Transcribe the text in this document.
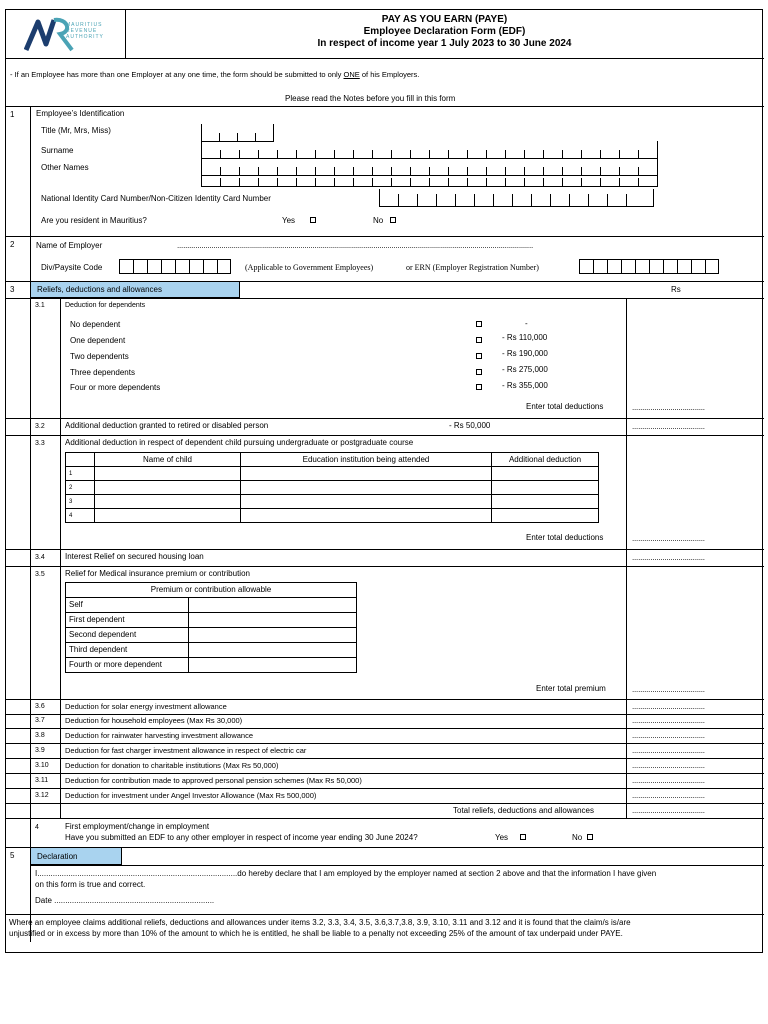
MAURITIUS
REVENUE
AUTHORITY
PAY AS YOU EARN (PAYE)
Employee Declaration Form (EDF)
In respect of income year 1 July 2023 to 30 June 2024
- If an Employee has more than one Employer at any one time, the form should be submitted to only ONE of his Employers.
Please read the Notes before you fill in this form
1	Employee’s Identification
Title (Mr, Mrs, Miss)
Surname
Other Names
National Identity Card Number/Non-Citizen Identity Card Number
Are you resident in Mauritius?	Yes	No
2	Name of Employer	................................................................................................................................................................................
Div/Paysite Code	(Applicable to Government Employees)	or ERN (Employer Registration Number)
3	Reliefs, deductions and allowances	Rs
3.1	Deduction for dependents
No dependent	-
One dependent	- Rs 110,000
Two dependents	- Rs 190,000
Three dependents	- Rs 275,000
Four or more dependents	- Rs 355,000
Enter total deductions	....................................
3.2	Additional deduction granted to retired or disabled person	- Rs 50,000	....................................
3.3	Additional deduction in respect of dependent child pursuing undergraduate or postgraduate course
	Name of child	Education institution being attended	Additional deduction
1			
2			
3			
4			
Enter total deductions	....................................
3.4	Interest Relief on secured housing loan	....................................
3.5	Relief for Medical insurance premium or contribution
Premium or contribution allowable	
Self	
First dependent	
Second dependent	
Third dependent	
Fourth or more dependent	
Enter total premium	....................................
3.6	Deduction for solar energy investment allowance	....................................
3.7	Deduction for household employees (Max Rs 30,000)	....................................
3.8	Deduction for rainwater harvesting investment allowance	....................................
3.9	Deduction for fast charger investment allowance in respect of electric car	....................................
3.10 Deduction for donation to charitable institutions (Max Rs 50,000)	....................................
3.11 Deduction for contribution made to approved personal pension schemes (Max Rs 50,000)	....................................
3.12 Deduction for investment under Angel Investor Allowance (Max Rs 500,000)	....................................
Total reliefs, deductions and allowances	....................................
4	First employment/change in employment
Have you submitted an EDF to any other employer in respect of income year ending 30 June 2024?	Yes	No
5	Declaration
I..........................................................................................do hereby declare that I am employed by the employer named at section 2 above and that the information I have given
on this form is true and correct.
Date ........................................................................
Where an employee claims additional reliefs, deductions and allowances under items 3.2, 3.3, 3.4, 3.5, 3.6,3.7,3.8, 3.9, 3.10, 3.11 and 3.12 and it is found that the claim/s is/are
unjustified or in excess by more than 10% of the amount to which he is entitled, he shall be liable to a penalty not exceeding 25% of the amount of tax underpaid under PAYE.
